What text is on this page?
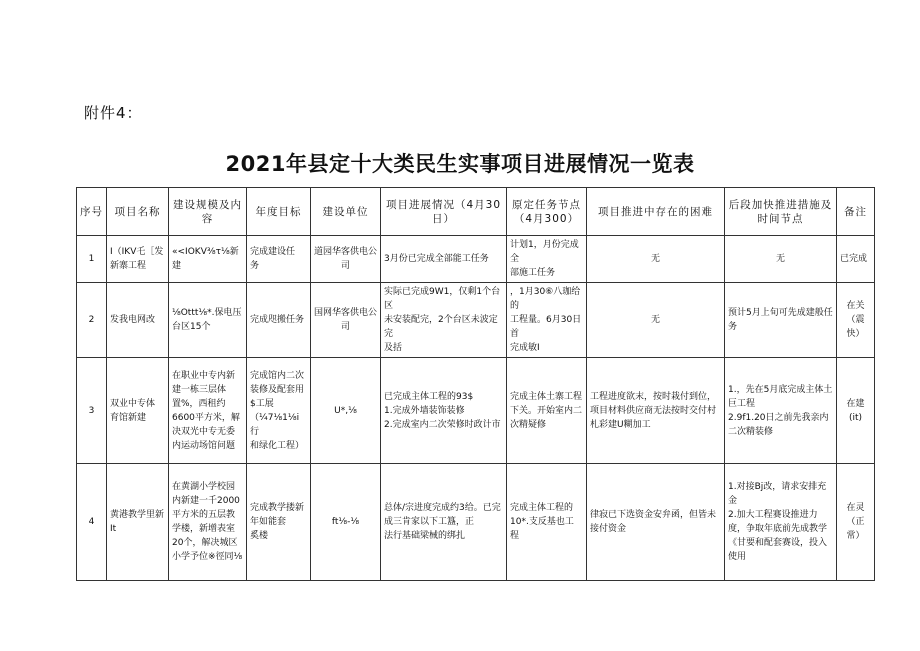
附件4：
2021年县定十大类民生实事项目进展情况一览表
序号	项目名称	建设规模及内容	年度目标	建设单位	项目进展情况（4月30日）	原定任务节点（4月300）	项目推进中存在的困难	后段加快推进措施及时间节点	备注
1	I（IKV乇［发
新寨工程	«<IOKV⅜τ⅛新建	完成建设任
务	道园华客供电公
司	3月份已完成全部能工任务	计划1，月份完成全
部施工任务	无	无	已完成
2	发我电网改	⅛Ottt⅛*.保电压
台区15个	完成咫搬任务	国网华客供电公
司	实际已完成9W1，仅剩1个台区
未安装配完，2个台区未波定完
及括	，1月30⑥八珈给的
工程量。6月30日首
完成敏I	无	预计5月上旬可先成建般任务	在关
（震快）
3	双业中专体
育馆新建	在职业中专内新建一栋三层体置%，西租约6600平方米，解决双光中专无委内运动场馆问题	完成馆内二次
装修及配套用
$工展
（¼7⅛1⅛i行
和绿化工程）	U*,⅛	已完成主体工程的93$
1.完成外墙装饰装修
2.完成室内二次荣修时政计市	完成主体土寨工程
下关。开始室内二
次精疑修	工程进度欲末，按时栽付到位，项目材料供应商无法按时交付村札彩建U糊加工	1.，先在5月底完成主体土巨工程
2.9f1.20日之前先我亲内二次精装修	在建(it)
4	黄港教学里新
It	在黄湖小学校园内新建一千2000平方米的五层教学楼，新增表室20个，解决城区小学予位※徑同⅛	完成教学搂新
年如能套
奚楼	ft⅛-⅛	总体/宗进度完成约3给。已完
成三肯家以下工簋，正
法行基础梁械的绑扎	完成主体工程的
10*.支反基也工
程	律寂已下选资金安弁函，但皆未接付资金	1.对接Bj改，请求安排充金
2.加大工程赛设推进力度，争取年底前先成教学《甘要和配套赛设，投入使用	在灵
（正常）
